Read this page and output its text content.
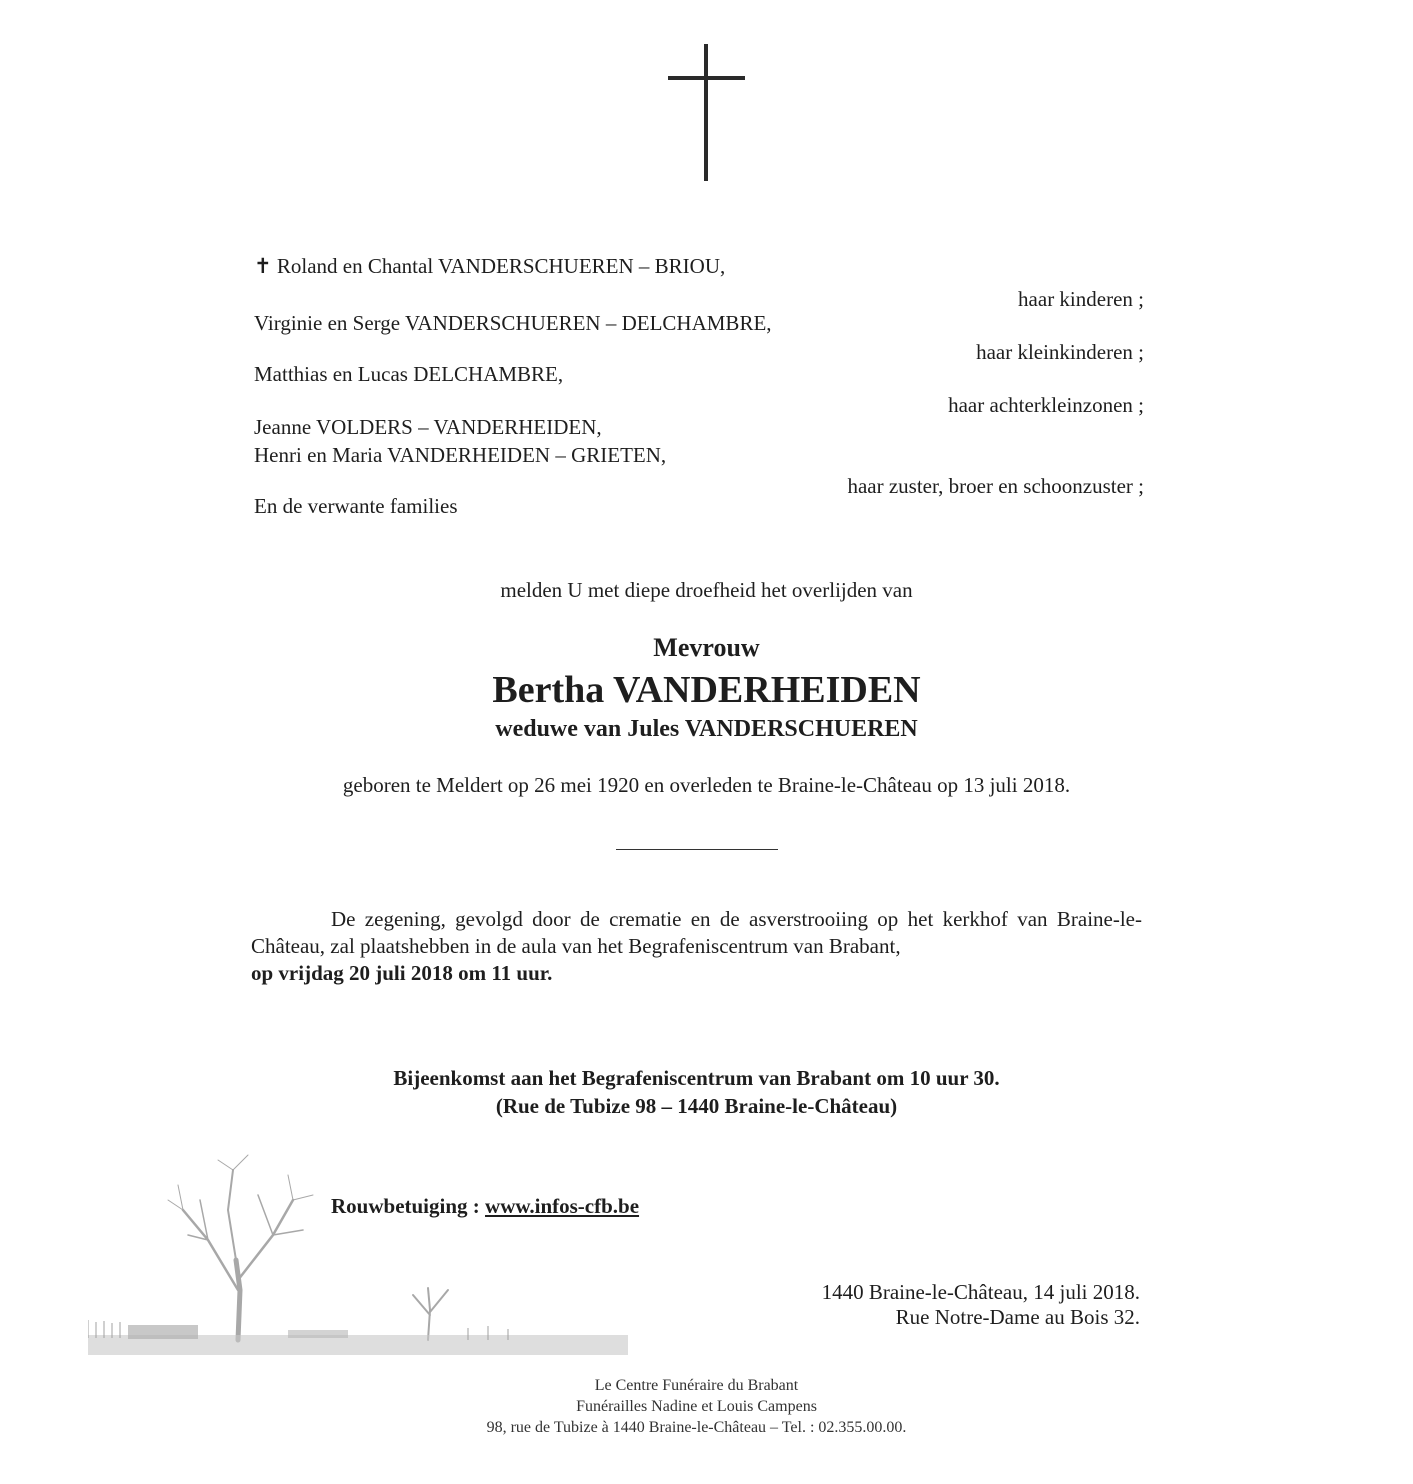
✝ Roland en Chantal VANDERSCHUEREN – BRIOU,
haar kinderen ;
Virginie en Serge VANDERSCHUEREN – DELCHAMBRE,
haar kleinkinderen ;
Matthias en Lucas DELCHAMBRE,
haar achterkleinzonen ;
Jeanne VOLDERS – VANDERHEIDEN,
Henri en Maria VANDERHEIDEN – GRIETEN,
haar zuster, broer en schoonzuster ;
En de verwante families
melden U met diepe droefheid het overlijden van
Mevrouw
Bertha VANDERHEIDEN
weduwe van Jules VANDERSCHUEREN
geboren te Meldert op 26 mei 1920 en overleden te Braine-le-Château op 13 juli 2018.
De zegening, gevolgd door de crematie en de asverstrooiing op het kerkhof van Braine-le-Château, zal plaatshebben in de aula van het Begrafeniscentrum van Brabant,
op vrijdag 20 juli 2018 om 11 uur.
Bijeenkomst aan het Begrafeniscentrum van Brabant om 10 uur 30.
(Rue de Tubize 98 – 1440 Braine-le-Château)
Rouwbetuiging : www.infos-cfb.be
1440 Braine-le-Château, 14 juli 2018.
Rue Notre-Dame au Bois 32.
Le Centre Funéraire du Brabant
Funérailles Nadine et Louis Campens
98, rue de Tubize à 1440 Braine-le-Château – Tel. : 02.355.00.00.
